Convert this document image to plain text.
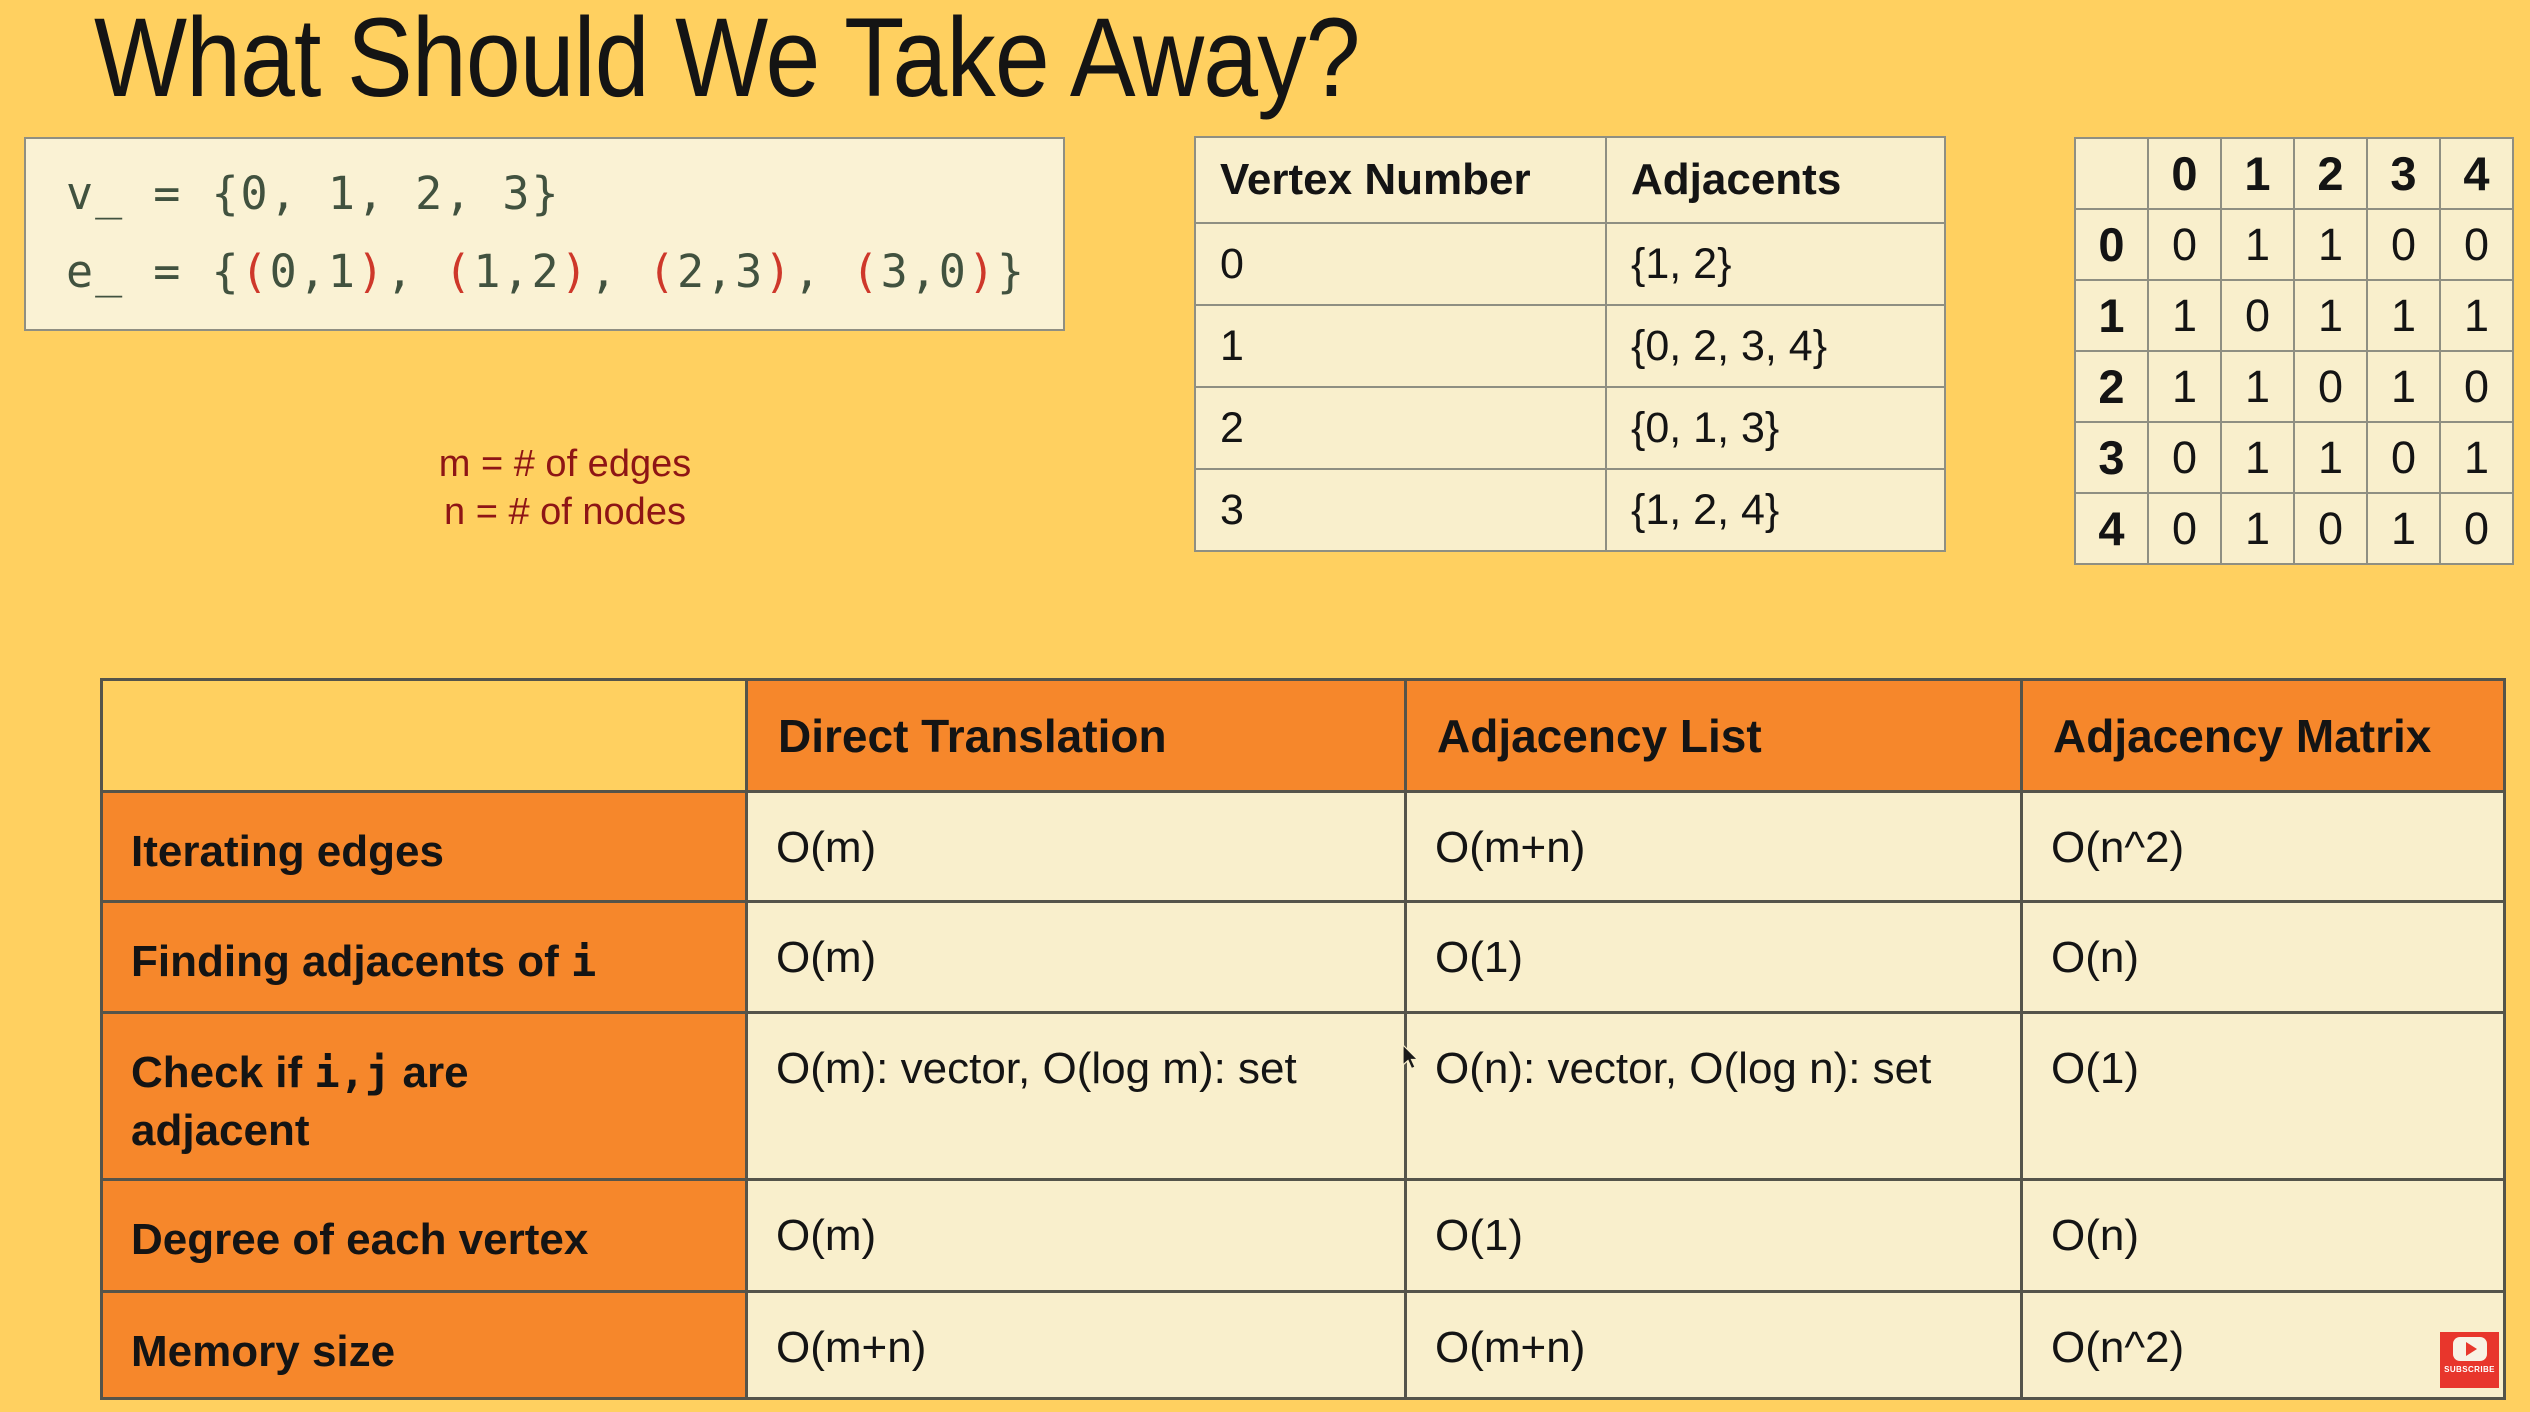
What Should We Take Away?
v_ = {0, 1, 2, 3}
e_ = {(0,1), (1,2), (2,3), (3,0)}
m = # of edges
n = # of nodes
Vertex Number	Adjacents
0	{1, 2}
1	{0, 2, 3, 4}
2	{0, 1, 3}
3	{1, 2, 4}
	0	1	2	3	4
0	0	1	1	0	0
1	1	0	1	1	1
2	1	1	0	1	0
3	0	1	1	0	1
4	0	1	0	1	0
	Direct Translation	Adjacency List	Adjacency Matrix
Iterating edges	O(m)	O(m+n)	O(n^2)
Finding adjacents of i	O(m)	O(1)	O(n)
Check if i,j are
adjacent	O(m): vector, O(log m): set	O(n): vector, O(log n): set	O(1)
Degree of each vertex	O(m)	O(1)	O(n)
Memory size	O(m+n)	O(m+n)	O(n^2)	SUBSCRIBE
